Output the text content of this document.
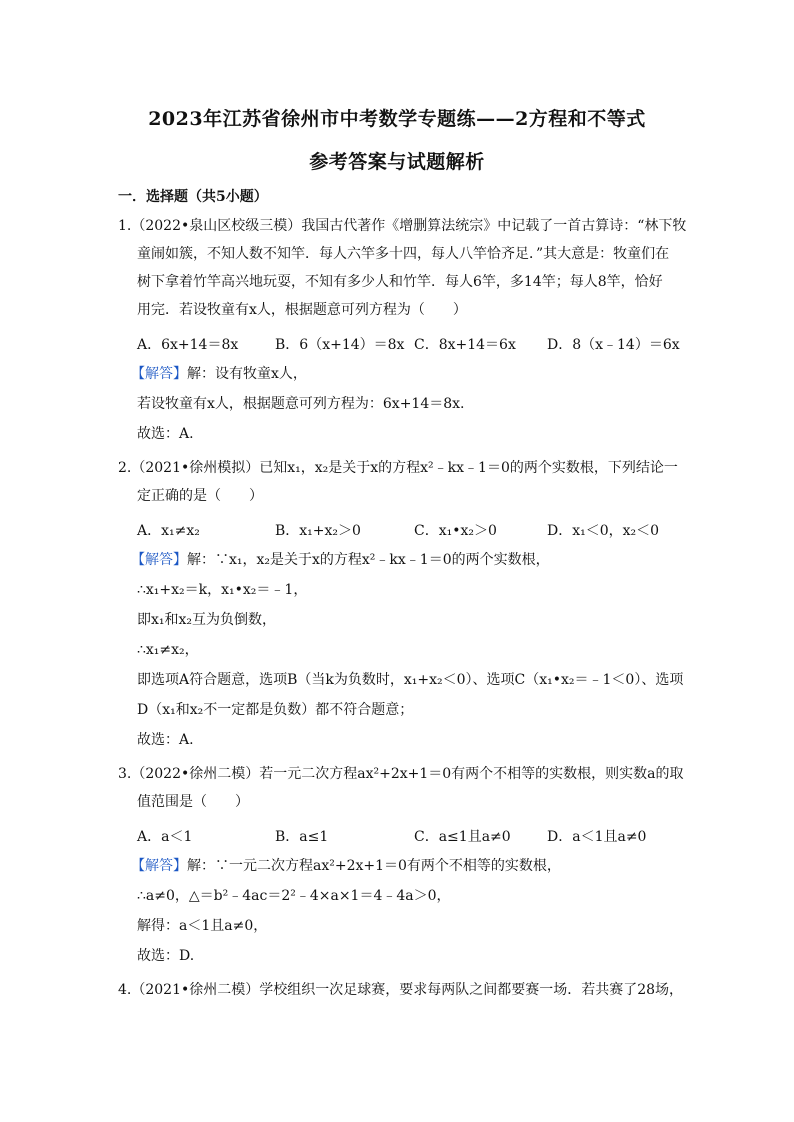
2023年江苏省徐州市中考数学专题练——2方程和不等式
参考答案与试题解析
一．选择题（共5小题）
1.（2022•泉山区校级三模）我国古代著作《增删算法统宗》中记载了一首古算诗：“林下牧
童闹如簇，不知人数不知竿．每人六竿多十四，每人八竿恰齐足．”其大意是：牧童们在
树下拿着竹竿高兴地玩耍，不知有多少人和竹竿．每人6竿，多14竿；每人8竿，恰好
用完．若设牧童有x人，根据题意可列方程为（　　）
A．6x+14＝8x	B．6（x+14）＝8x C．8x+14＝6x D．8（x﹣14）＝6x
【解答】解：设有牧童x人，
若设牧童有x人，根据题意可列方程为：6x+14＝8x.
故选：A.
2.（2021•徐州模拟）已知x₁，x₂是关于x的方程x²﹣kx﹣1＝0的两个实数根，下列结论一
定正确的是（　　）
A．x₁≠x₂	B．x₁+x₂＞0	C．x₁•x₂＞0	D．x₁＜0，x₂＜0
【解答】解：∵x₁，x₂是关于x的方程x²﹣kx﹣1＝0的两个实数根，
∴x₁+x₂＝k，x₁•x₂＝﹣1，
即x₁和x₂互为负倒数，
∴x₁≠x₂，
即选项A符合题意，选项B（当k为负数时，x₁+x₂＜0）、选项C（x₁•x₂＝﹣1＜0）、选项
D（x₁和x₂不一定都是负数）都不符合题意；
故选：A.
3.（2022•徐州二模）若一元二次方程ax²+2x+1＝0有两个不相等的实数根，则实数a的取
值范围是（　　）
A．a＜1	B．a≤1	C．a≤1且a≠0	D．a＜1且a≠0
【解答】解：∵一元二次方程ax²+2x+1＝0有两个不相等的实数根，
∴a≠0，△＝b²﹣4ac＝2²﹣4×a×1＝4﹣4a＞0，
解得：a＜1且a≠0，
故选：D.
4.（2021•徐州二模）学校组织一次足球赛，要求每两队之间都要赛一场．若共赛了28场，
